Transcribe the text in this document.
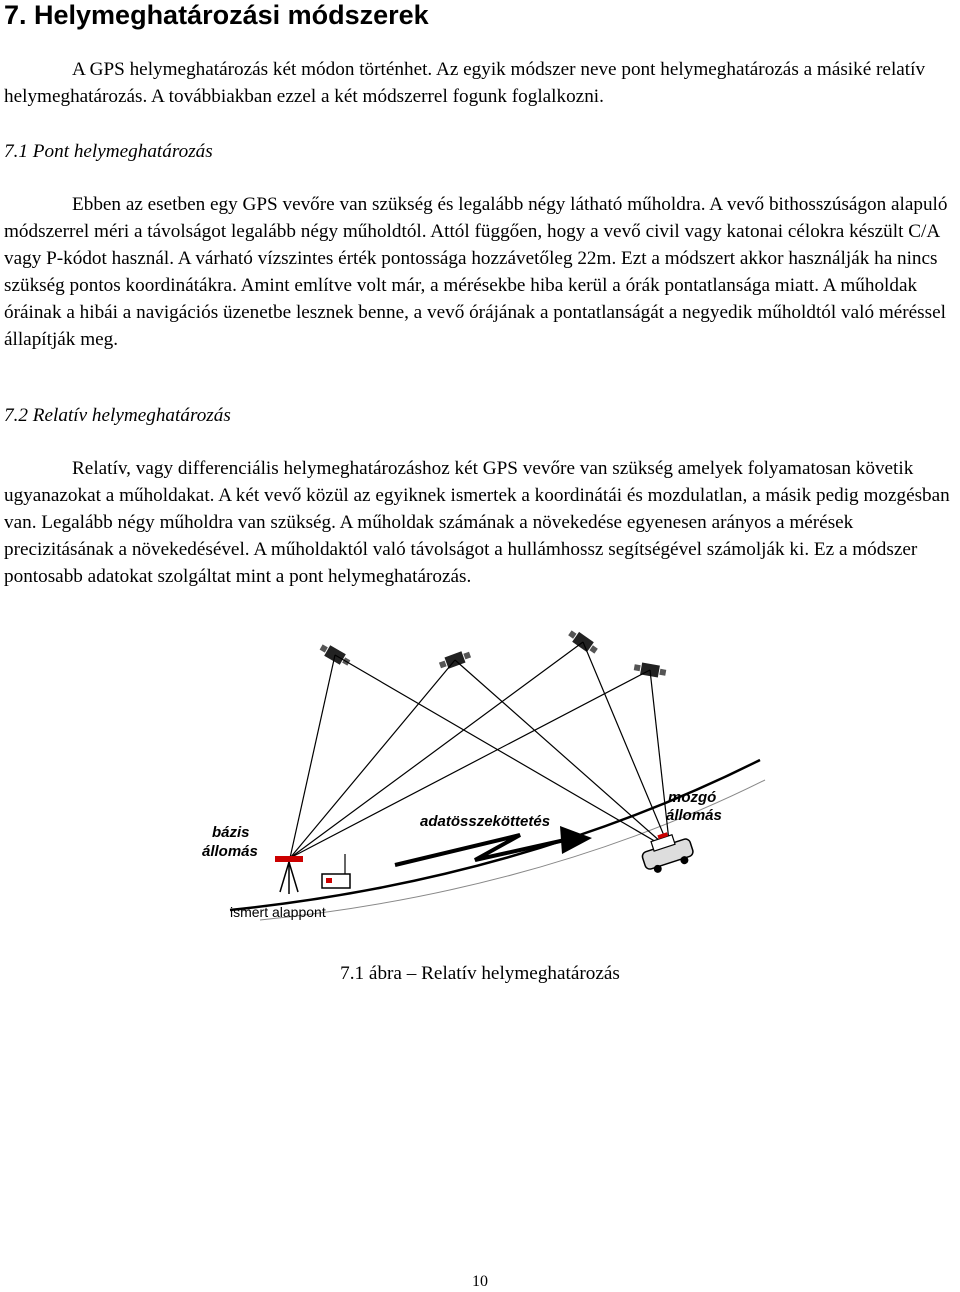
7. Helymeghatározási módszerek

A GPS helymeghatározás két módon történhet. Az egyik módszer neve pont helymeghatározás a másiké relatív helymeghatározás. A továbbiakban ezzel a két módszerrel fogunk foglalkozni.

7.1 Pont helymeghatározás

Ebben az esetben egy GPS vevőre van szükség és legalább négy látható műholdra. A vevő bithosszúságon alapuló módszerrel méri a távolságot legalább négy műholdtól. Attól függően, hogy a vevő civil vagy katonai célokra készült C/A vagy P-kódot használ. A várható vízszintes érték pontossága hozzávetőleg 22m. Ezt a módszert akkor használják ha nincs szükség pontos koordinátákra. Amint említve volt már, a mérésekbe hiba kerül a órák pontatlansága miatt. A műholdak óráinak a hibái a navigációs üzenetbe lesznek benne, a vevő órájának a pontatlanságát a negyedik műholdtól való méréssel állapítják meg.

7.2 Relatív helymeghatározás

Relatív, vagy differenciális helymeghatározáshoz két GPS vevőre van szükség amelyek folyamatosan követik ugyanazokat a műholdakat. A két vevő közül az egyiknek ismertek a koordinátái és mozdulatlan, a másik pedig mozgésban van. Legalább négy műholdra van szükség. A műholdak számának a növekedése egyenesen arányos a mérések precizitásának a növekedésével. A műholdaktól való távolságot a hullámhossz segítségével számolják ki. Ez a módszer pontosabb adatokat szolgáltat mint a pont helymeghatározás.

bázis
állomás
adatösszeköttetés
mozgó
állomás
ismert alappont
7.1 ábra – Relatív helymeghatározás
10
